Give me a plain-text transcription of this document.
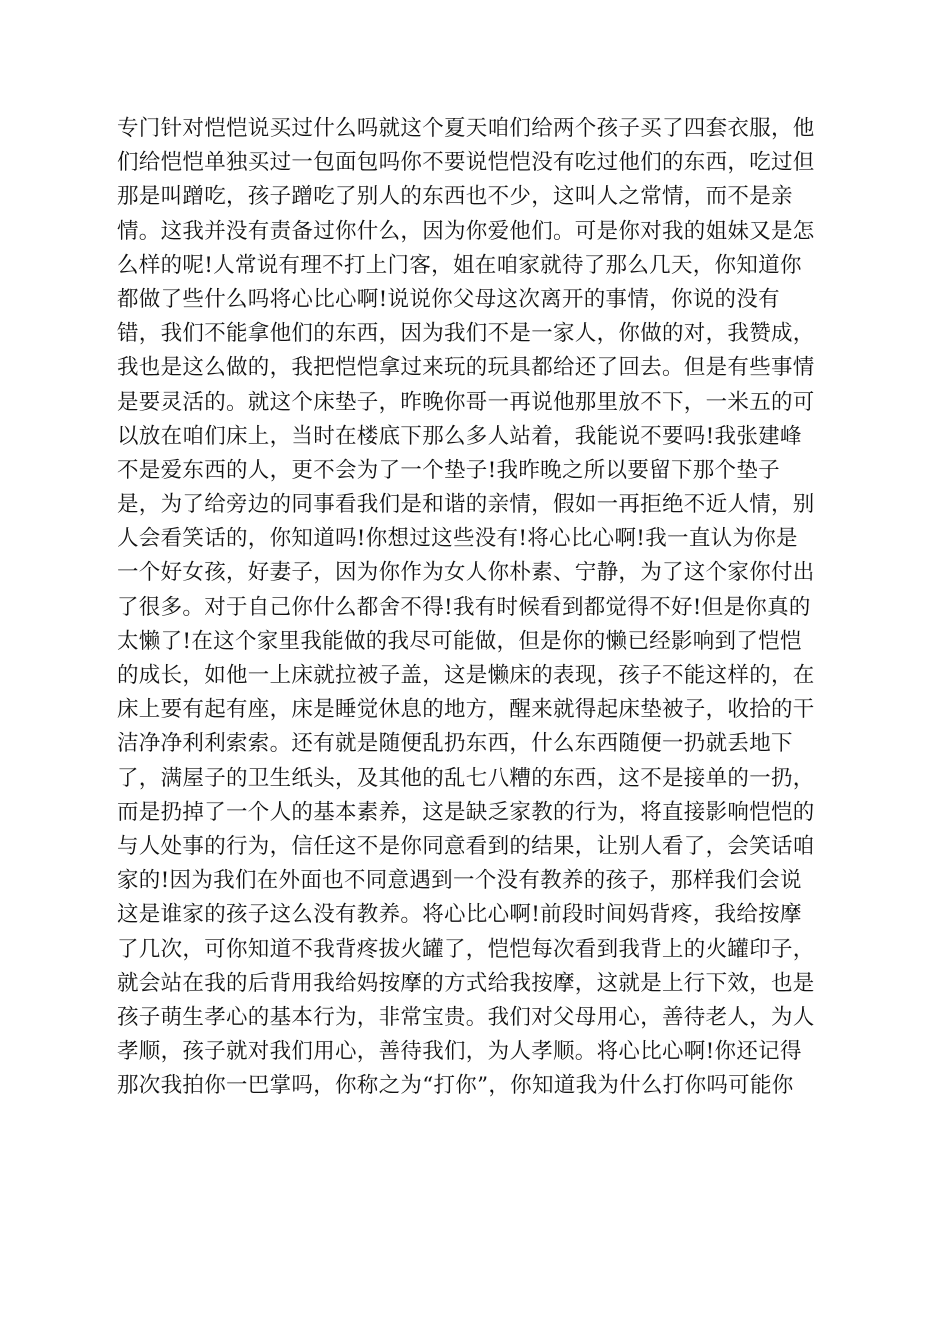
专门针对恺恺说买过什么吗就这个夏天咱们给两个孩子买了四套衣服，他
们给恺恺单独买过一包面包吗你不要说恺恺没有吃过他们的东西，吃过但
那是叫蹭吃，孩子蹭吃了别人的东西也不少，这叫人之常情，而不是亲
情。这我并没有责备过你什么，因为你爱他们。可是你对我的姐妹又是怎
么样的呢!人常说有理不打上门客，姐在咱家就待了那么几天，你知道你
都做了些什么吗将心比心啊!说说你父母这次离开的事情，你说的没有
错，我们不能拿他们的东西，因为我们不是一家人，你做的对，我赞成，
我也是这么做的，我把恺恺拿过来玩的玩具都给还了回去。但是有些事情
是要灵活的。就这个床垫子，昨晚你哥一再说他那里放不下，一米五的可
以放在咱们床上，当时在楼底下那么多人站着，我能说不要吗!我张建峰
不是爱东西的人，更不会为了一个垫子!我昨晚之所以要留下那个垫子
是，为了给旁边的同事看我们是和谐的亲情，假如一再拒绝不近人情，别
人会看笑话的，你知道吗!你想过这些没有!将心比心啊!我一直认为你是
一个好女孩，好妻子，因为你作为女人你朴素、宁静，为了这个家你付出
了很多。对于自己你什么都舍不得!我有时候看到都觉得不好!但是你真的
太懒了!在这个家里我能做的我尽可能做，但是你的懒已经影响到了恺恺
的成长，如他一上床就拉被子盖，这是懒床的表现，孩子不能这样的，在
床上要有起有座，床是睡觉休息的地方，醒来就得起床垫被子，收拾的干
洁净净利利索索。还有就是随便乱扔东西，什么东西随便一扔就丢地下
了，满屋子的卫生纸头，及其他的乱七八糟的东西，这不是接单的一扔，
而是扔掉了一个人的基本素养，这是缺乏家教的行为，将直接影响恺恺的
与人处事的行为，信任这不是你同意看到的结果，让别人看了，会笑话咱
家的!因为我们在外面也不同意遇到一个没有教养的孩子，那样我们会说
这是谁家的孩子这么没有教养。将心比心啊!前段时间妈背疼，我给按摩
了几次，可你知道不我背疼拔火罐了，恺恺每次看到我背上的火罐印子，
就会站在我的后背用我给妈按摩的方式给我按摩，这就是上行下效，也是
孩子萌生孝心的基本行为，非常宝贵。我们对父母用心，善待老人，为人
孝顺，孩子就对我们用心，善待我们，为人孝顺。将心比心啊!你还记得
那次我拍你一巴掌吗，你称之为“打你”，你知道我为什么打你吗可能你
